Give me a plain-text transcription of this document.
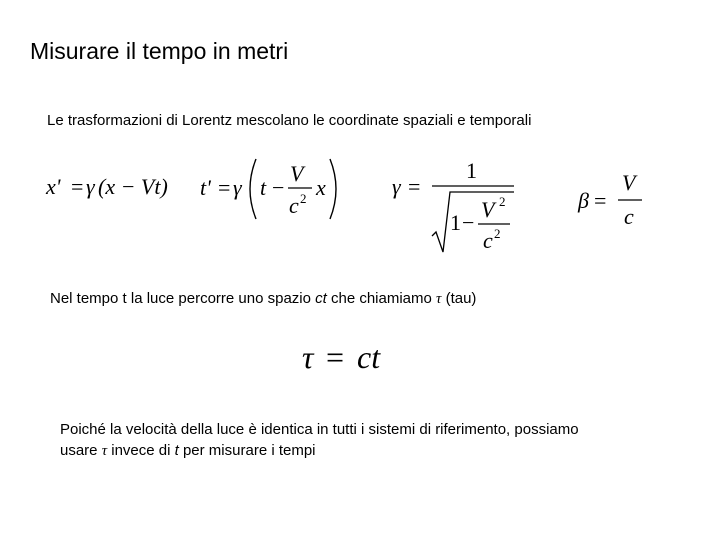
Misurare il tempo in metri
Le trasformazioni di Lorentz mescolano le coordinate spaziali e temporali
x' = γ (x − Vt) t' = γ t −
V
c 2 x	γ =
1
1 −
V 2
c 2
β =
V
c
Nel tempo t la luce percorre uno spazio ct che chiamiamo τ (tau)
τ = ct
Poiché la velocità della luce è identica in tutti i sistemi di riferimento, possiamo
usare τ invece di t per misurare i tempi
